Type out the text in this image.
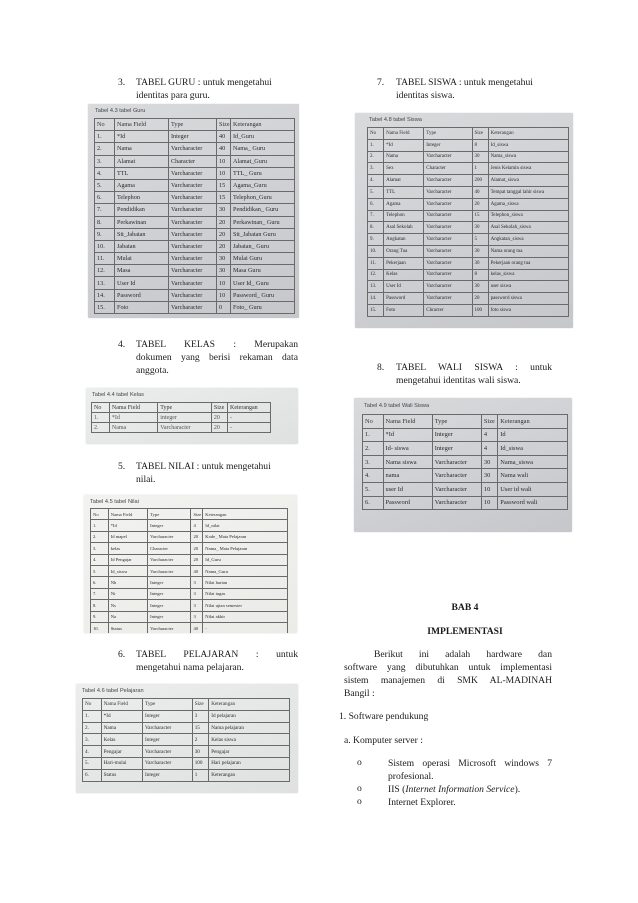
3. TABEL GURU : untuk mengetahui
identitas para guru.
Tabel 4.3 tabel Guru
No	Nama Field	Type	Size	Keterangan
1.	*Id	Integer	40	Id_Guru
2.	Nama	Varcharacter	40	Nama_ Guru
3.	Alamat	Character	10	Alamat_Guru
4.	TTL	Varcharacter	10	TTL_ Guru
5.	Agama	Varcharacter	15	Agama_Guru
6.	Telephon	Varcharacter	15	Telephon_Guru
7.	Pendidikan	Varcharacter	30	Pendidikan_ Guru
8.	Perkawinan	Varcharacter	20	Perkawinan_ Guru
9.	Stt_Jabatan	Varcharacter	20	Stt_Jabatan Guru
10.	Jabatan	Varcharacter	20	Jabatan_ Guru
11.	Mulai	Varcharacter	30	Mulai Guru
12.	Masa	Varcharacter	30	Masa Guru
13.	User Id	Varcharacter	10	User Id_ Guru
14.	Password	Varcharacter	10	Password_ Guru
15.	Foto	Varcharacter	0	Foto_ Guru
4. TABEL KELAS : Merupakan
dokumen yang berisi rekaman data
anggota.
Tabel 4.4 tabel Kelas
No	Nama Field	Type	Size	Keterangan
1.	*Id	integer	20	-
2.	Nama	Varcharacter	20	-
5. TABEL NILAI : untuk mengetahui
nilai.
Tabel 4.5 tabel Nilai
No	Nama Field	Type	Size	Keterangan
1.	*Id	Integer	4	Id_nilai
2.	Id mapel	Varcharacter	20	Kode_ Mata Pelajaran
3.	kelas	Character	20	Nama_ Mata Pelajaran
4.	Id Pengajar	Varcharacter	20	Id_Guru
5.	Id_siswa	Varcharacter	40	Nama_Guru
6.	Nh	Integer	3	Nilai harian
7.	Nt	Integer	3	Nilai tugas
8.	Ns	Integer	3	Nilai ujian semester
9.	Na	Integer	3	Nilai akhir
10.	Status	Varcharacter	40	-
6. TABEL PELAJARAN : untuk
mengetahui nama pelajaran.
Tabel 4.6 tabel Pelajaran
No	Nama Field	Type	Size	Keterangan
1.	*Id	Integer	3	Id pelajaran
2.	Nama	Varcharacter	15	Nama pelajaran
3.	Kelas	Integer	2	Kelas siswa
4.	Pengajar	Varcharacter	30	Pengajar
5.	Hari-mulai	Varcharacter	100	Hari pelajaran
6.	Status	Integer	1	Keterangan
7. TABEL SISWA : untuk mengetahui
identitas siswa.
Tabel 4.8 tabel Siswa
No	Nama Field	Type	Size	Keterangan
1.	*Id	Integer	8	Id_siswa
2.	Nama	Varcharacter	30	Nama_siswa
3.	Sex	Character	1	Jenis Kelamin siswa
4.	Alamat	Varcharacter	200	Alamat_siswa
5.	TTL	Varcharacter	40	Tempat tanggal lahir siswa
6.	Agama	Varcharacter	20	Agama_siswa
7.	Telephon	Varcharacter	15	Telephon_siswa
8.	Asal Sekolah	Varcharacter	30	Asal Sekolah_siswa
9.	Angkatan	Varcharacter	5	Angkatan_siswa
10.	Orang Tua	Varcharacter	30	Nama orang tua
11.	Pekerjaan	Varcharacter	30	Pekerjaan orang tua
12.	Kelas	Varcharacter	8	kelas_siswa
13.	User Id	Varcharacter	30	user siswa
14.	Password	Varcharacter	20	password siswa
15.	Foto	Chracter	100	foto siswa
8. TABEL WALI SISWA : untuk
mengetahui identitas wali siswa.
Tabel 4.9 tabel Wali Siswa
No	Nama Field	Type	Size	Keterangan
1.	*Id	Integer	4	Id
2.	Id- siswa	Integer	4	Id_siswa
3.	Nama siswa	Varcharacter	30	Nama_siswa
4.	nama	Varcharacter	30	Nama wali
5.	user Id	Varcharacter	10	User id wali
6.	Password	Varcharacter	10	Password wali
BAB 4
IMPLEMENTASI
Berikut ini adalah hardware dan
software yang dibutuhkan untuk implementasi
sistem manajemen di SMK AL-MADINAH
Bangil :
1. Software pendukung
a. Komputer server :
o	Sistem operasi Microsoft windows 7
profesional.
o	IIS (Internet Information Service).
o	Internet Explorer.
